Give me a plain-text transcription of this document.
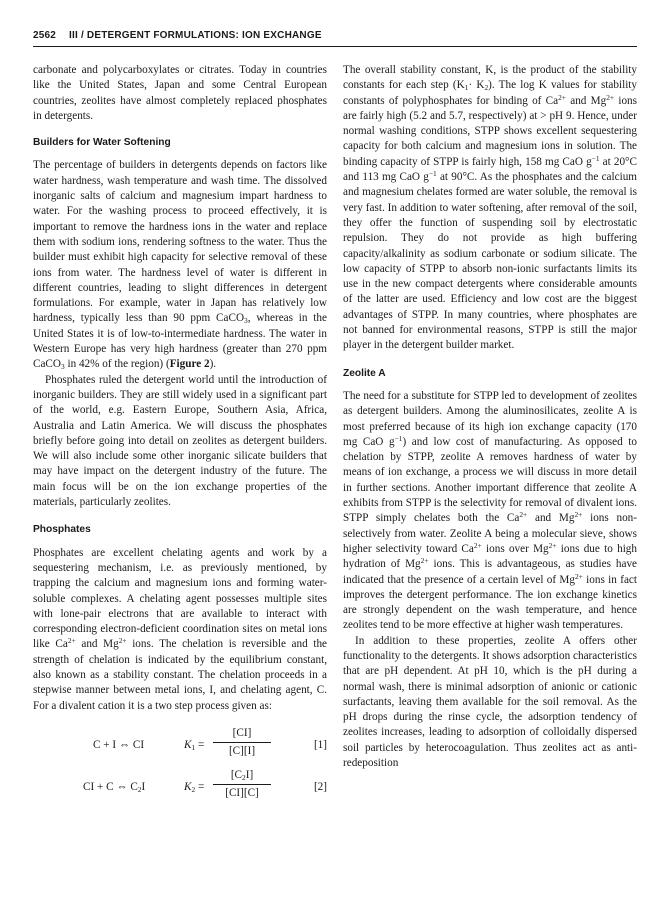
2562 III / DETERGENT FORMULATIONS: ION EXCHANGE

carbonate and polycarboxylates or citrates. Today in countries like the United States, Japan and some Central European countries, zeolites have almost completely replaced phosphates in detergents.

Builders for Water Softening

The percentage of builders in detergents depends on factors like water hardness, wash temperature and wash time. The dissolved inorganic salts of calcium and magnesium impart hardness to water. For the washing process to proceed effectively, it is important to remove the hardness ions in the water and replace them with sodium ions, rendering softness to the water. Thus the builder must exhibit high capacity for selective removal of these ions from water. The hardness level of water is different in different countries, leading to slight differences in detergent formulations. For example, water in Japan has relatively low hardness, typically less than 90 ppm CaCO$_3$, whereas in the United States it is of low-to-intermediate hardness. The water in Western Europe has very high hardness (greater than 270 ppm CaCO$_3$ in 42% of the region) (Figure 2).

Phosphates ruled the detergent world until the introduction of inorganic builders. They are still widely used in a significant part of the world, e.g. Eastern Europe, Southern Asia, Africa, Australia and Latin America. We will discuss the phosphates briefly before going into detail on zeolites as detergent builders. We will also include some other inorganic silicate builders that may have impact on the detergent industry of the future. The main focus will be on the ion exchange properties of the materials, particularly zeolites.

Phosphates

Phosphates are excellent chelating agents and work by a sequestering mechanism, i.e. as previously mentioned, by trapping the calcium and magnesium ions and forming water-soluble complexes. A chelating agent possesses multiple sites with lone-pair electrons that are available to interact with corresponding electron-deficient coordination sites on metal ions like $Ca^{2+}$ and $Mg^{2+}$ ions. The chelation is reversible and the strength of chelation is indicated by the equilibrium constant, also known as a stability constant. The chelation proceeds in a stepwise manner between metal ions, I, and chelating agent, C. For a divalent cation it is a two step process given as:

C + I ⇔ CI	$K_1 = \frac{[CI]}{[C][I]}$	[1]
CI + C ⇔ $C_2I$	$K_2 = \frac{[C_2I]}{[CI][C]}$	[2]

The overall stability constant, K, is the product of the stability constants for each step $(K_1\cdot K_2)$. The log K values for stability constants of polyphosphates for binding of $Ca^{2+}$ and $Mg^{2+}$ ions are fairly high (5.2 and 5.7, respectively) at > pH 9. Hence, under normal washing conditions, STPP shows excellent sequestering capacity for both calcium and magnesium ions in solution. The binding capacity of STPP is fairly high, 158 mg CaO $g^{-1}$ at 20°C and 113 mg CaO $g^{-1}$ at 90°C. As the phosphates and the calcium and magnesium chelates formed are water soluble, the removal is very fast. In addition to water softening, after removal of the soil, they offer the function of suspending soil by electrostatic repulsion. They do not provide as high buffering capacity/alkalinity as sodium carbonate or sodium silicate. The low capacity of STPP to absorb non-ionic surfactants limits its use in the new compact detergents where considerable amounts of the latter are used. Efficiency and low cost are the biggest advantages of STPP. In many countries, where phosphates are not banned for environmental reasons, STPP is still the major player in the detergent builder market.

Zeolite A

The need for a substitute for STPP led to development of zeolites as detergent builders. Among the aluminosilicates, zeolite A is most preferred because of its high ion exchange capacity (170 mg CaO $g^{-1}$) and low cost of manufacturing. As opposed to chelation by STPP, zeolite A removes hardness of water by means of ion exchange, a process we will discuss in more detail in further sections. Another important difference that zeolite A exhibits from STPP is the selectivity for removal of divalent ions. STPP simply chelates both the $Ca^{2+}$ and $Mg^{2+}$ ions non-selectively from water. Zeolite A being a molecular sieve, shows higher selectivity toward $Ca^{2+}$ ions over $Mg^{2+}$ ions due to high hydration of $Mg^{2+}$ ions. This is advantageous, as studies have indicated that the presence of a certain level of $Mg^{2+}$ ions in fact improves the detergent performance. The ion exchange kinetics are strongly dependent on the wash temperature, and hence zeolites tend to be more effective at higher wash temperatures.

In addition to these properties, zeolite A offers other functionality to the detergents. It shows adsorption characteristics that are pH dependent. At pH 10, which is the pH during a normal wash, there is minimal adsorption of anionic or cationic surfactants, leaving them available for the soil removal. As the pH drops during the rinse cycle, the adsorption tendency of zeolites increases, leading to adsorption of colloidally dispersed soil particles by heterocoagulation. Thus zeolites act as anti-redeposition
